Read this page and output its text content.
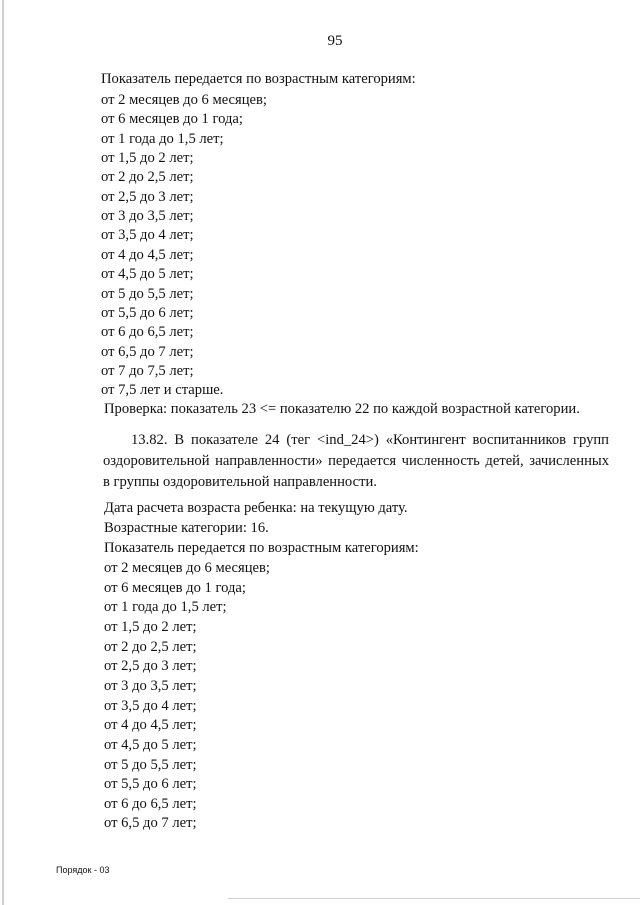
95
Показатель передается по возрастным категориям:
от 2 месяцев до 6 месяцев;
от 6 месяцев до 1 года;
от 1 года до 1,5 лет;
от 1,5 до 2 лет;
от 2 до 2,5 лет;
от 2,5 до 3 лет;
от 3 до 3,5 лет;
от 3,5 до 4 лет;
от 4 до 4,5 лет;
от 4,5 до 5 лет;
от 5 до 5,5 лет;
от 5,5 до 6 лет;
от 6 до 6,5 лет;
от 6,5 до 7 лет;
от 7 до 7,5 лет;
от 7,5 лет и старше.
Проверка: показатель 23 <= показателю 22 по каждой возрастной категории.
13.82. В показателе 24 (тег <ind_24>) «Контингент воспитанников групп
оздоровительной направленности» передается численность детей, зачисленных
в группы оздоровительной направленности.
Дата расчета возраста ребенка: на текущую дату.
Возрастные категории: 16.
Показатель передается по возрастным категориям:
от 2 месяцев до 6 месяцев;
от 6 месяцев до 1 года;
от 1 года до 1,5 лет;
от 1,5 до 2 лет;
от 2 до 2,5 лет;
от 2,5 до 3 лет;
от 3 до 3,5 лет;
от 3,5 до 4 лет;
от 4 до 4,5 лет;
от 4,5 до 5 лет;
от 5 до 5,5 лет;
от 5,5 до 6 лет;
от 6 до 6,5 лет;
от 6,5 до 7 лет;
Порядок - 03
